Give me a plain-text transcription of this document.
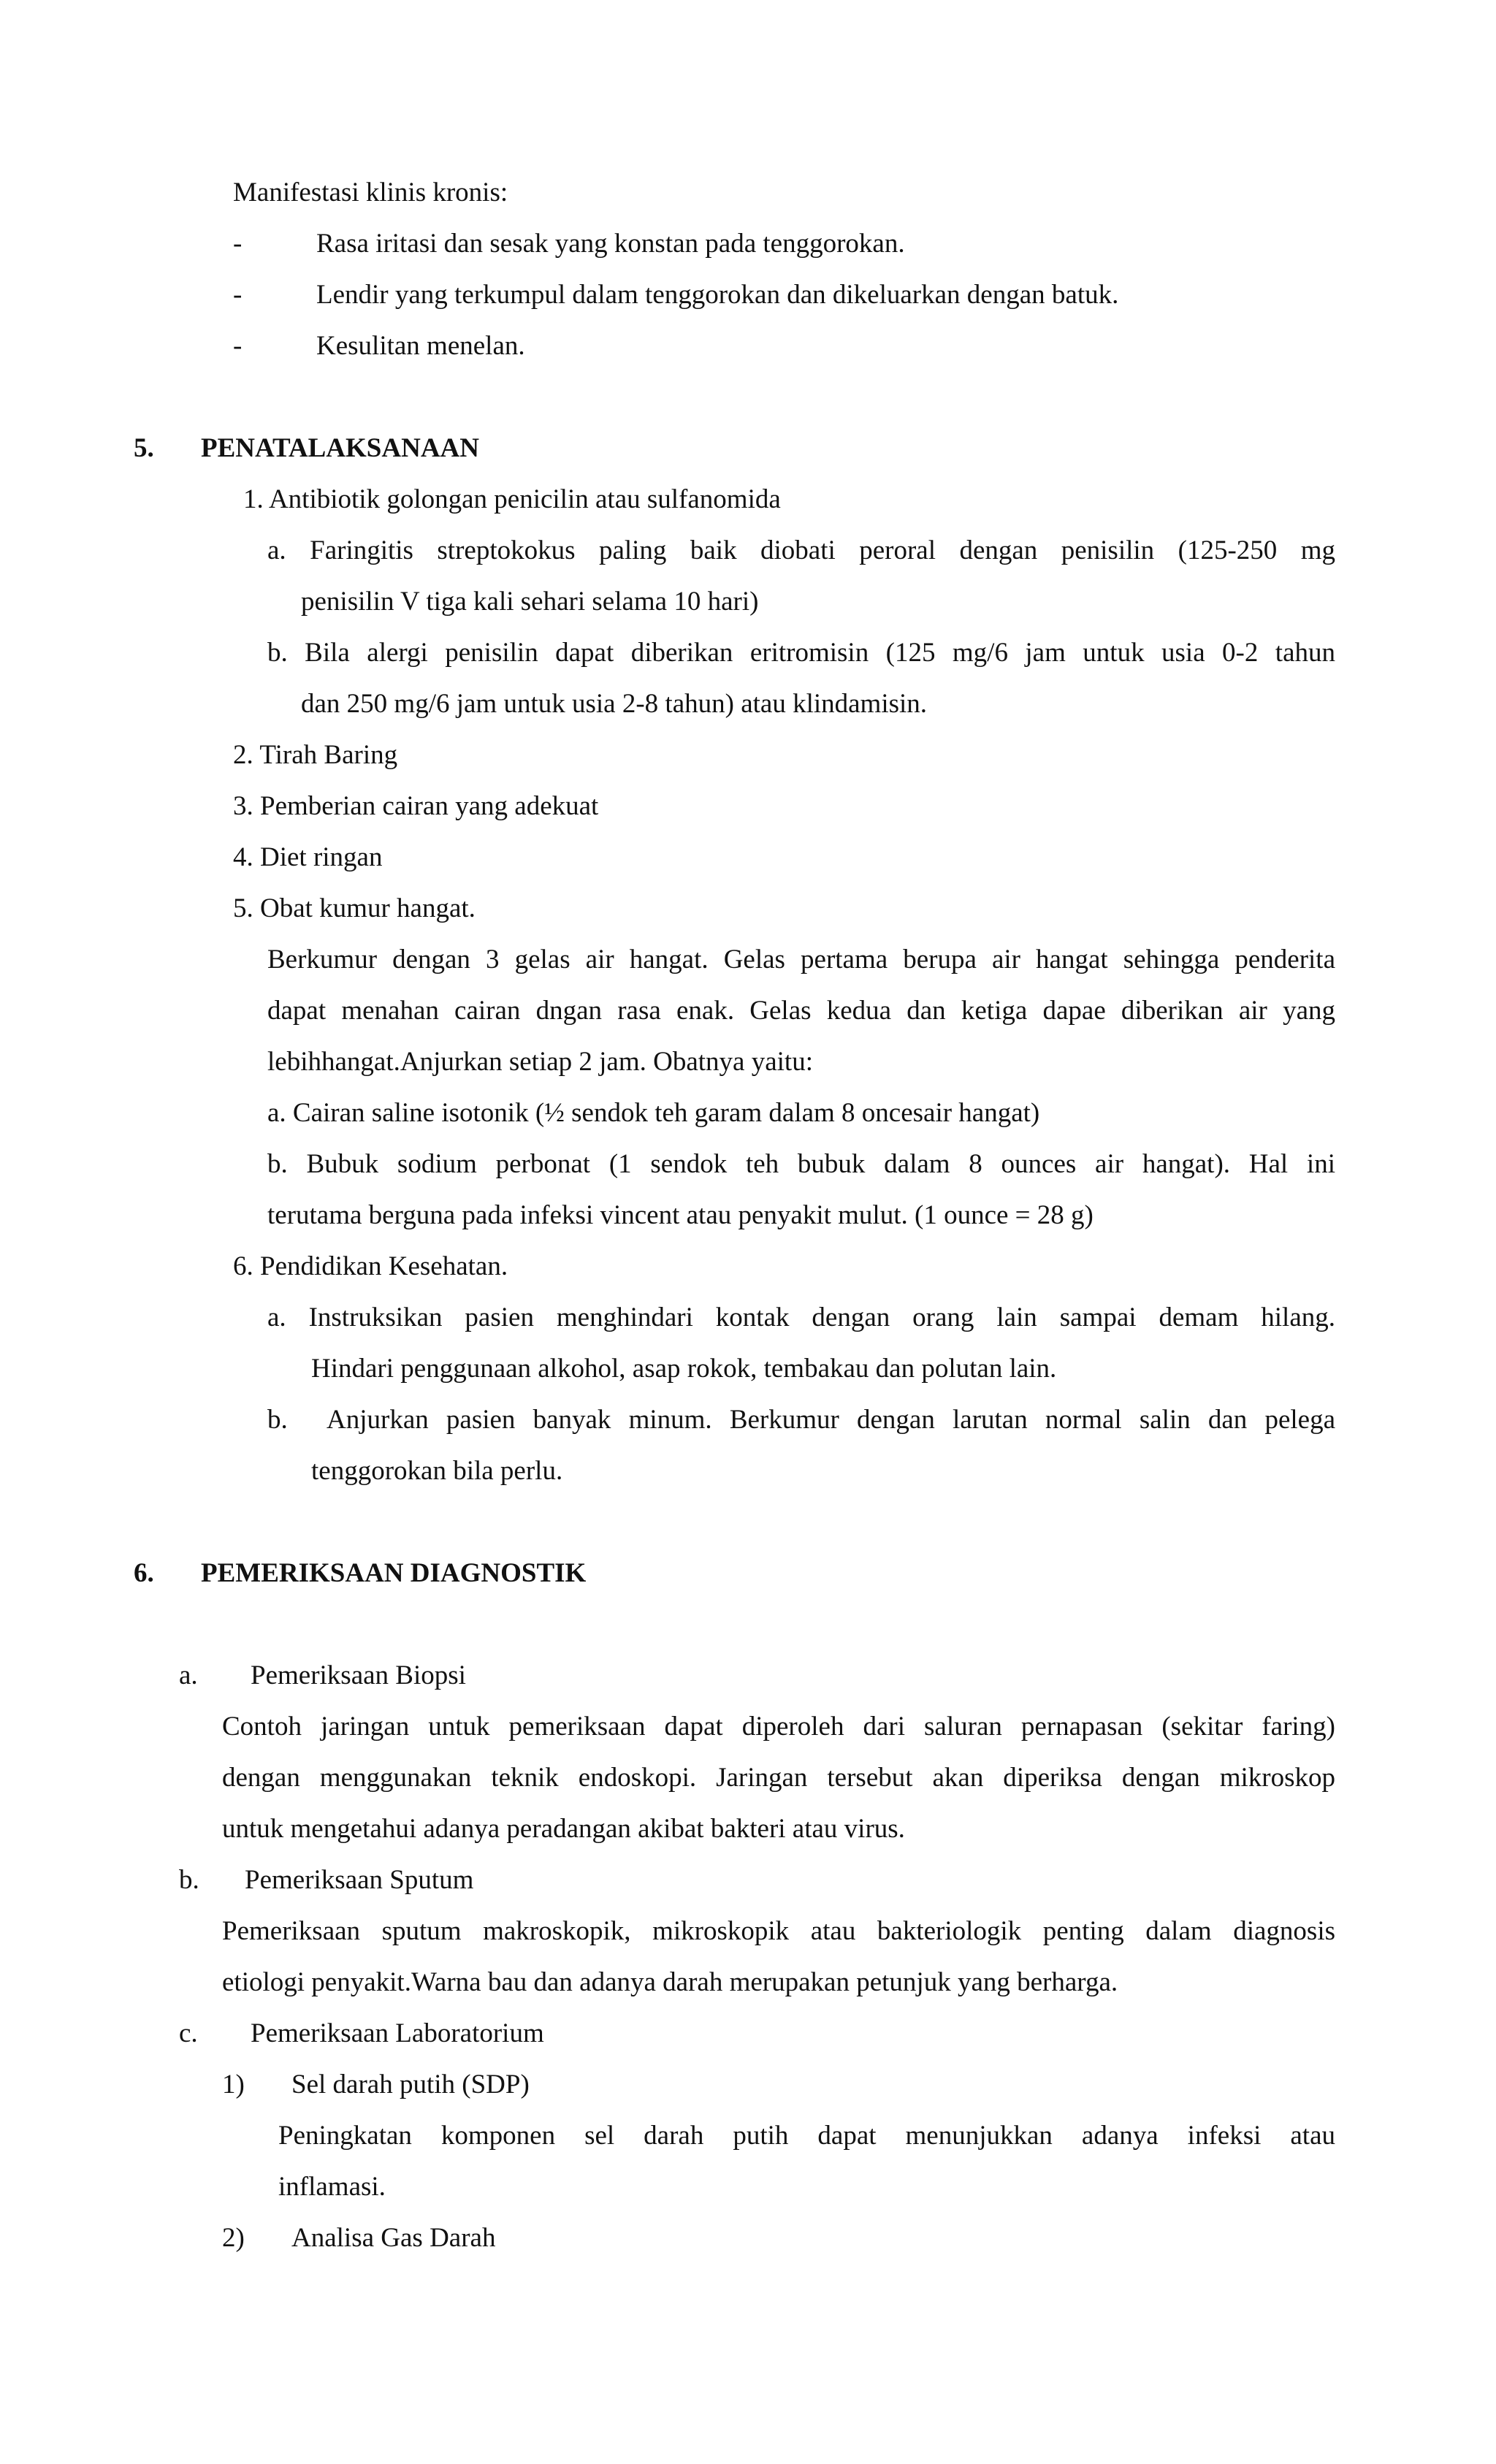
Manifestasi klinis kronis:

-	Rasa iritasi dan sesak yang konstan pada tenggorokan.

-	Lendir yang terkumpul dalam tenggorokan dan dikeluarkan dengan batuk.

-	Kesulitan menelan.

5. PENATALAKSANAAN

1. Antibiotik golongan penicilin atau sulfanomida

a. Faringitis streptokokus paling baik diobati peroral dengan penisilin (125-250 mg

penisilin V tiga kali sehari selama 10 hari)

b. Bila alergi penisilin dapat diberikan eritromisin (125 mg/6 jam untuk usia 0-2 tahun

dan 250 mg/6 jam untuk usia 2-8 tahun) atau klindamisin.

2. Tirah Baring

3. Pemberian cairan yang adekuat

4. Diet ringan

5. Obat kumur hangat.

Berkumur dengan 3 gelas air hangat. Gelas pertama berupa air hangat sehingga penderita

dapat menahan cairan dngan rasa enak. Gelas kedua dan ketiga dapae diberikan air yang

lebihhangat.Anjurkan setiap 2 jam. Obatnya yaitu:

a. Cairan saline isotonik (½ sendok teh garam dalam 8 oncesair hangat)

b. Bubuk sodium perbonat (1 sendok teh bubuk dalam 8 ounces air hangat). Hal ini

terutama berguna pada infeksi vincent atau penyakit mulut. (1 ounce = 28 g)

6. Pendidikan Kesehatan.

a. Instruksikan pasien menghindari kontak dengan orang lain sampai demam hilang.

Hindari penggunaan alkohol, asap rokok, tembakau dan polutan lain.

b. Anjurkan pasien banyak minum. Berkumur dengan larutan normal salin dan pelega

tenggorokan bila perlu.

6. PEMERIKSAAN DIAGNOSTIK

a. Pemeriksaan Biopsi

Contoh jaringan untuk pemeriksaan dapat diperoleh dari saluran pernapasan (sekitar faring)

dengan menggunakan teknik endoskopi. Jaringan tersebut akan diperiksa dengan mikroskop

untuk mengetahui adanya peradangan akibat bakteri atau virus.

b. Pemeriksaan Sputum

Pemeriksaan sputum makroskopik, mikroskopik atau bakteriologik penting dalam diagnosis

etiologi penyakit.Warna bau dan adanya darah merupakan petunjuk yang berharga.

c. Pemeriksaan Laboratorium

1) Sel darah putih (SDP)

Peningkatan komponen sel darah putih dapat menunjukkan adanya infeksi atau

inflamasi.

2) Analisa Gas Darah
